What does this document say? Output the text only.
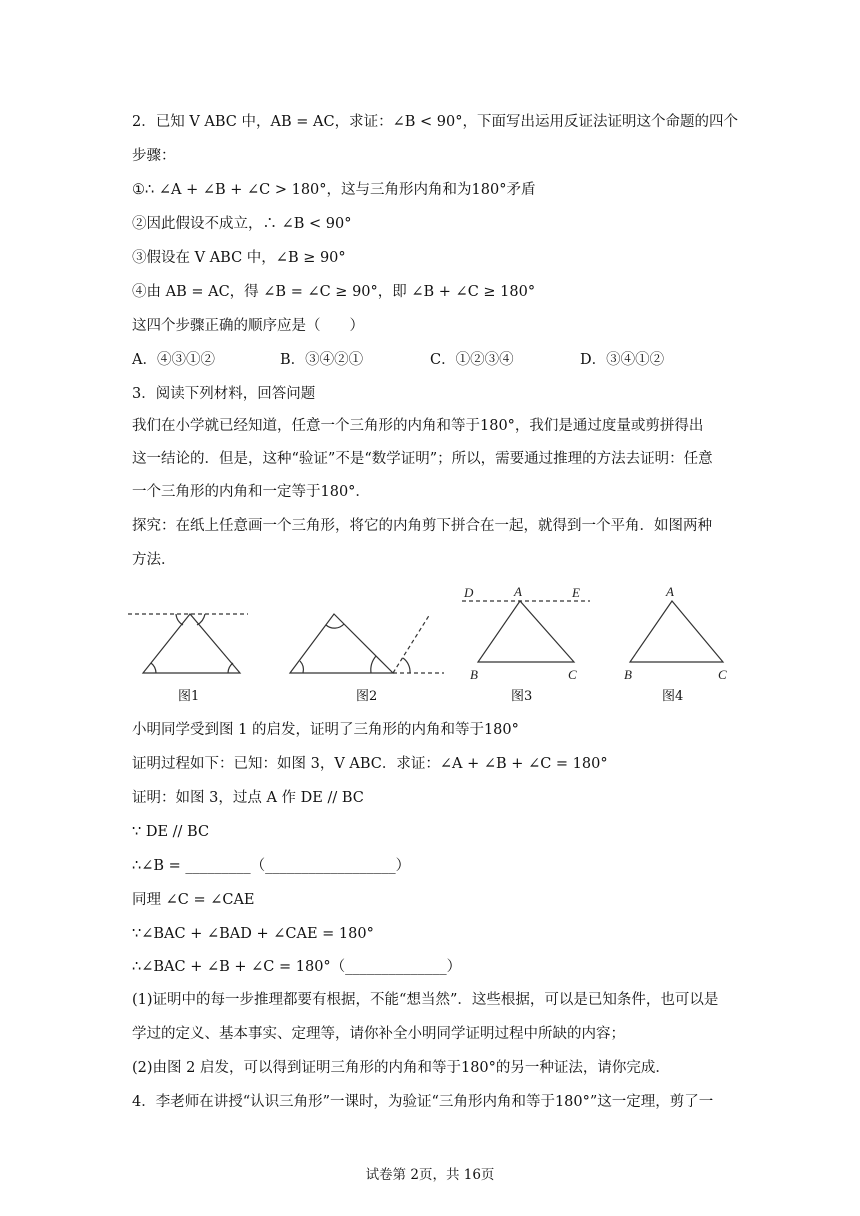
2．已知 V ABC 中，AB = AC，求证：∠B < 90°，下面写出运用反证法证明这个命题的四个
步骤：
①∴ ∠A + ∠B + ∠C > 180°，这与三角形内角和为180°矛盾
②因此假设不成立，∴ ∠B < 90°
③假设在 V ABC 中，∠B ≥ 90°
④由 AB = AC，得 ∠B = ∠C ≥ 90°，即 ∠B + ∠C ≥ 180°
这四个步骤正确的顺序应是（　　）
A．④③①②	B．③④②①	C．①②③④	D．③④①②
3．阅读下列材料，回答问题
我们在小学就已经知道，任意一个三角形的内角和等于180°，我们是通过度量或剪拼得出
这一结论的．但是，这种“验证”不是“数学证明”；所以，需要通过推理的方法去证明：任意
一个三角形的内角和一定等于180°．
探究：在纸上任意画一个三角形，将它的内角剪下拼合在一起，就得到一个平角．如图两种
方法．
D	A	E
B	C
A
B	C
图1	图2	图3	图4
小明同学受到图 1 的启发，证明了三角形的内角和等于180°
证明过程如下：已知：如图 3，V ABC．求证：∠A + ∠B + ∠C = 180°
证明：如图 3，过点 A 作 DE // BC
∵ DE // BC
∴∠B = _________（__________________）
同理 ∠C = ∠CAE
∵∠BAC + ∠BAD + ∠CAE = 180°
∴∠BAC + ∠B + ∠C = 180°（______________）
(1)证明中的每一步推理都要有根据，不能“想当然”．这些根据，可以是已知条件，也可以是
学过的定义、基本事实、定理等，请你补全小明同学证明过程中所缺的内容；
(2)由图 2 启发，可以得到证明三角形的内角和等于180°的另一种证法，请你完成．
4．李老师在讲授“认识三角形”一课时，为验证“三角形内角和等于180°”这一定理，剪了一
试卷第 2页，共 16页
